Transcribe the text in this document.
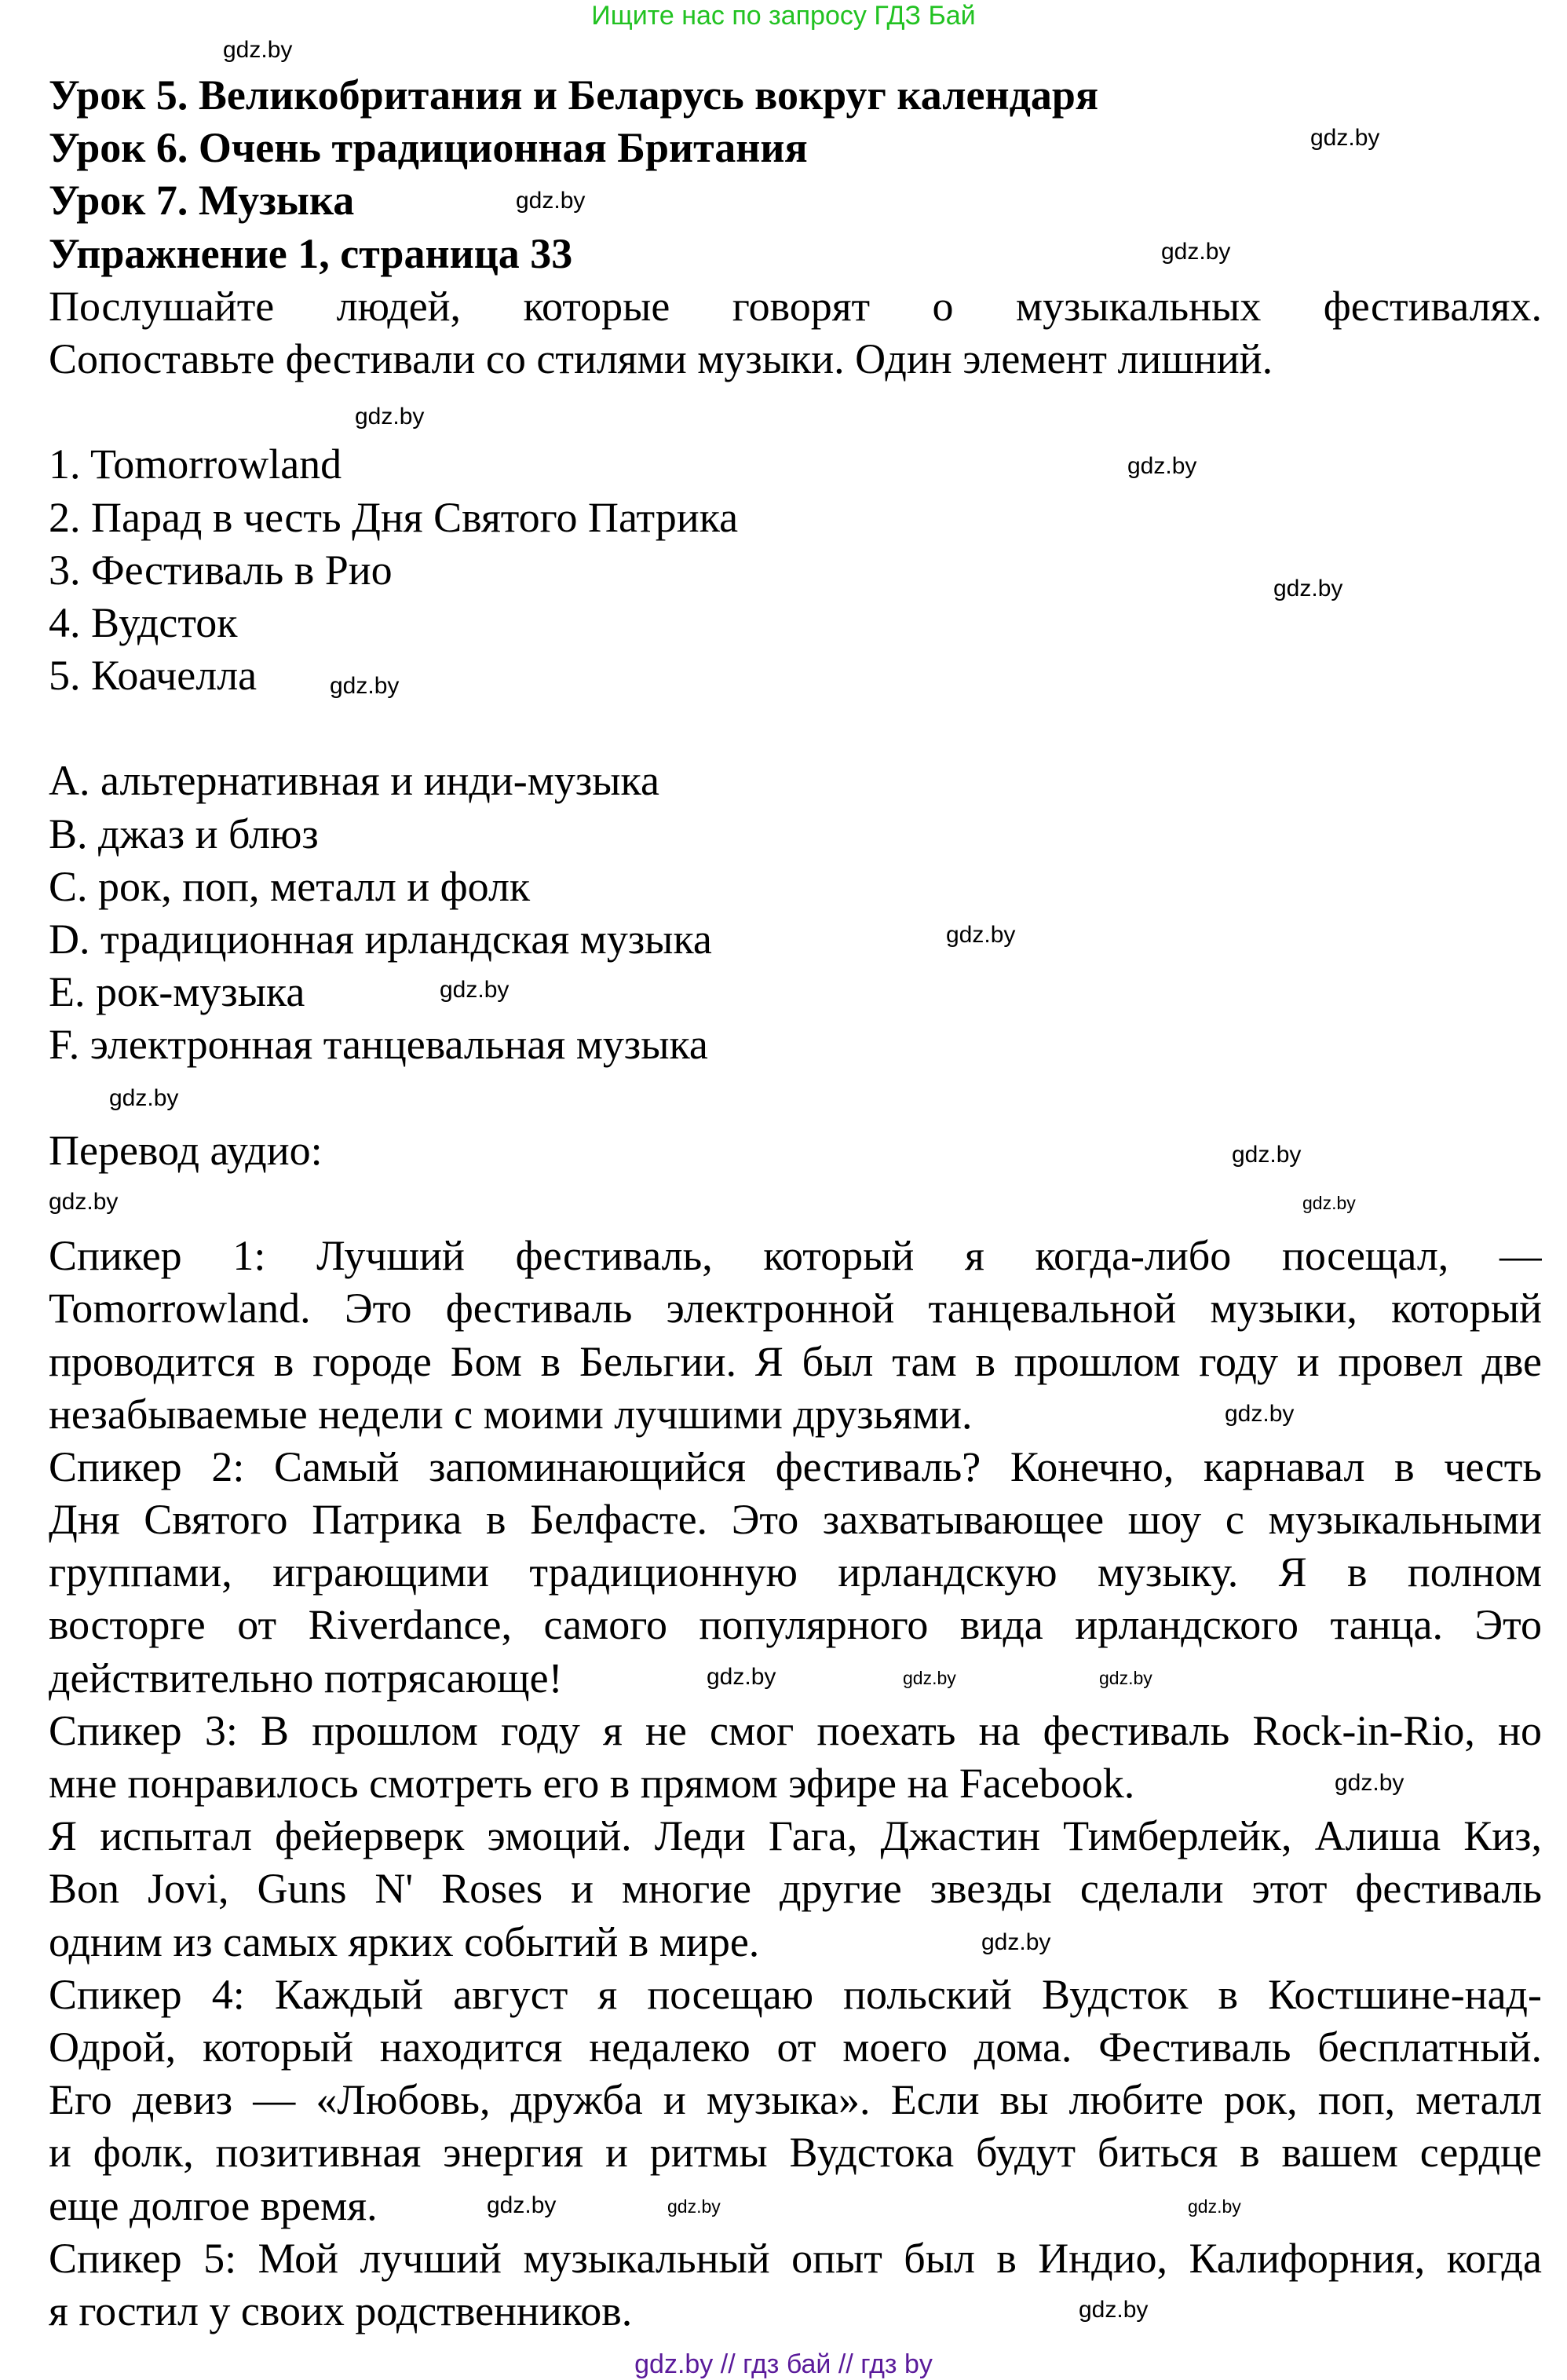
Ищите нас по запросу ГДЗ Бай
Урок 5. Великобритания и Беларусь вокруг календаря
Урок 6. Очень традиционная Британия
Урок 7. Музыка
Упражнение 1, страница 33
Послушайте людей, которые говорят о музыкальных фестивалях.
Сопоставьте фестивали со стилями музыки. Один элемент лишний.
1. Tomorrowland
2. Парад в честь Дня Святого Патрика
3. Фестиваль в Рио
4. Вудсток
5. Коачелла
A. альтернативная и инди-музыка
B. джаз и блюз
C. рок, поп, металл и фолк
D. традиционная ирландская музыка
E. рок-музыка
F. электронная танцевальная музыка
Перевод аудио:
Спикер 1: Лучший фестиваль, который я когда-либо посещал, —
Tomorrowland. Это фестиваль электронной танцевальной музыки, который
проводится в городе Бом в Бельгии. Я был там в прошлом году и провел две
незабываемые недели с моими лучшими друзьями.
Спикер 2: Самый запоминающийся фестиваль? Конечно, карнавал в честь
Дня Святого Патрика в Белфасте. Это захватывающее шоу с музыкальными
группами, играющими традиционную ирландскую музыку. Я в полном
восторге от Riverdance, самого популярного вида ирландского танца. Это
действительно потрясающе!
Спикер 3: В прошлом году я не смог поехать на фестиваль Rock-in-Rio, но
мне понравилось смотреть его в прямом эфире на Facebook.
Я испытал фейерверк эмоций. Леди Гага, Джастин Тимберлейк, Алиша Киз,
Bon Jovi, Guns N' Roses и многие другие звезды сделали этот фестиваль
одним из самых ярких событий в мире.
Спикер 4: Каждый август я посещаю польский Вудсток в Костшине-над-
Одрой, который находится недалеко от моего дома. Фестиваль бесплатный.
Его девиз — «Любовь, дружба и музыка». Если вы любите рок, поп, металл
и фолк, позитивная энергия и ритмы Вудстока будут биться в вашем сердце
еще долгое время.
Спикер 5: Мой лучший музыкальный опыт был в Индио, Калифорния, когда
я гостил у своих родственников.
gdz.by
gdz.by
gdz.by
gdz.by
gdz.by
gdz.by
gdz.by
gdz.by
gdz.by
gdz.by
gdz.by
gdz.by
gdz.by	gdz.by
gdz.by
gdz.by	gdz.by
gdz.by
gdz.by
gdz.by
gdz.by	gdz.by
gdz.by
gdz.by
gdz.by // гдз бай // гдз by
